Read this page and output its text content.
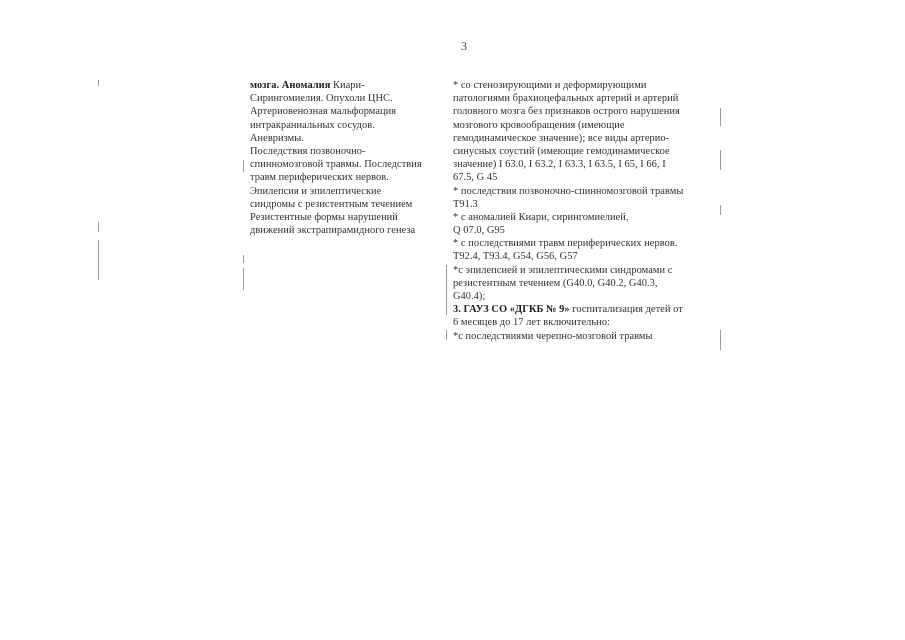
3
мозга. Аномалия Киари-
Сирингомиелия. Опухоли ЦНС.
Артериовенозная мальформация
интракраниальных сосудов.
Аневризмы.
Последствия позвоночно-
спинномозговой травмы. Последствия
травм периферических нервов.
Эпилепсия и эпилептические
синдромы с резистентным течением
Резистентные формы нарушений
движений экстрапирамидного генеза
* со стенозирующими и деформирующими
патологиями брахиоцефальных артерий и артерий
головного мозга без признаков острого нарушения
мозгового кровообращения (имеющие
гемодинамическое значение); все виды артерио-
синусных соустий (имеющие гемодинамическое
значение) I 63.0, I 63.2, I 63.3, I 63.5, I 65, I 66, I
67.5, G 45
* последствия позвоночно-спинномозговой травмы
T91.3
* с аномалией Киари, сирингомиелией,
Q 07.0, G95
* с последствиями травм периферических нервов.
T92.4, T93.4, G54, G56, G57
*с эпилепсией и эпилептическими синдромами с
резистентным течением (G40.0, G40.2, G40.3,
G40.4);
3. ГАУЗ СО «ДГКБ № 9» госпитализация детей от
6 месяцев до 17 лет включительно:
*с последствиями черепно-мозговой травмы
